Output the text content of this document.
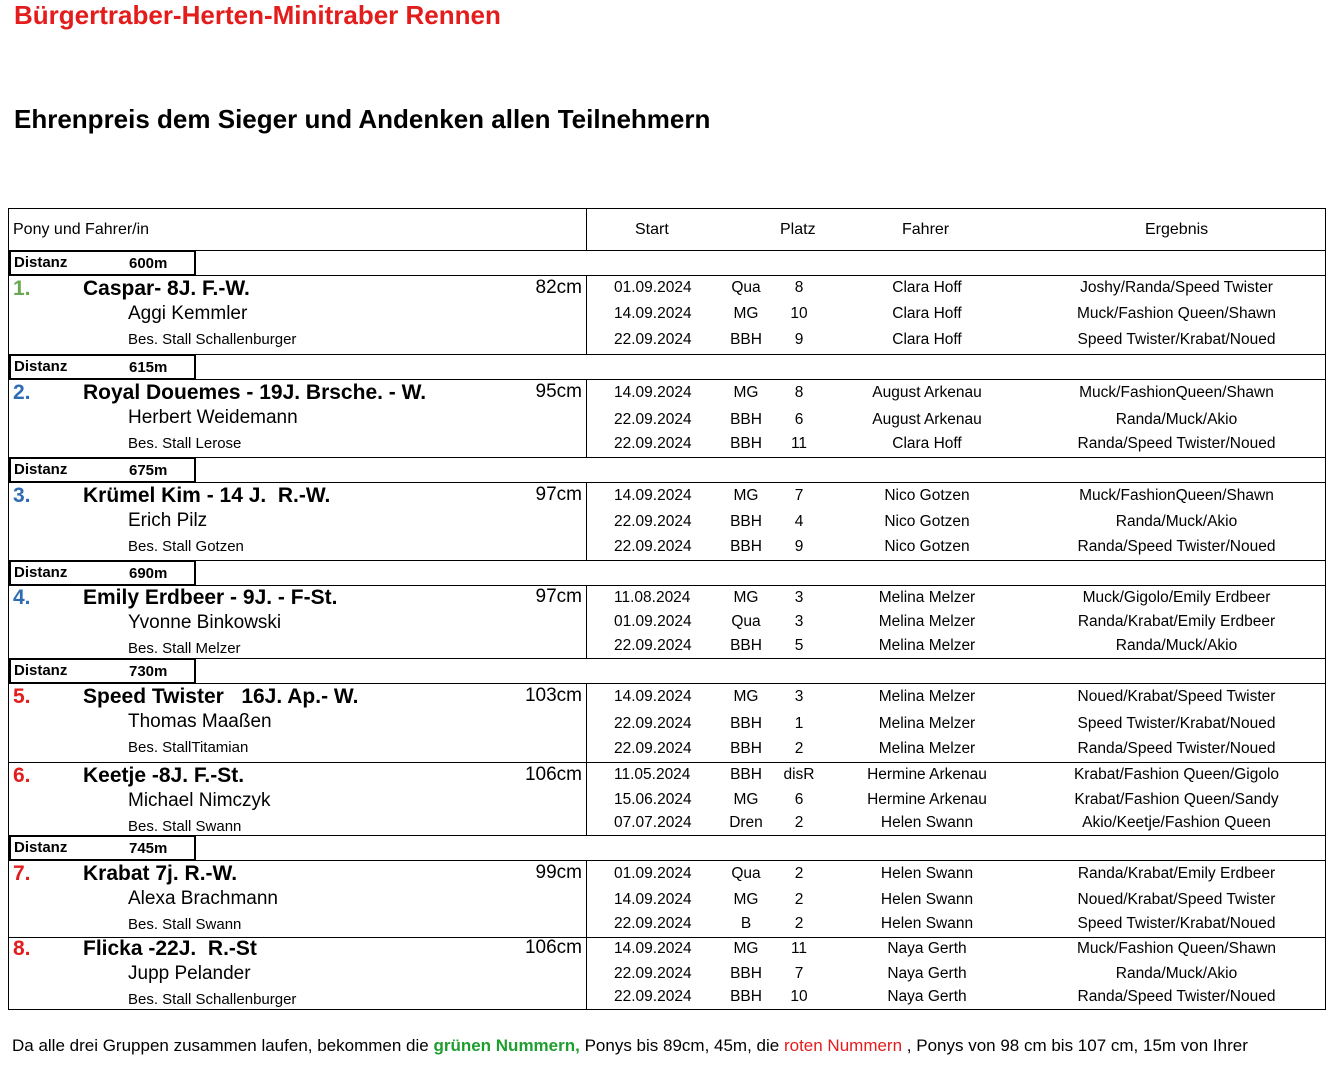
Bürgertraber-Herten-Minitraber Rennen
Ehrenpreis dem Sieger und Andenken allen Teilnehmern
Pony und Fahrer/in	Start	Platz	Fahrer	Ergebnis
Distanz	600m
1. Caspar- 8J. F.-W.	82cm
Aggi Kemmler
Bes. Stall Schallenburger
01.09.2024	Qua	8	Clara Hoff	Joshy/Randa/Speed Twister
14.09.2024	MG	10	Clara Hoff	Muck/Fashion Queen/Shawn
22.09.2024 BBH	9	Clara Hoff	Speed Twister/Krabat/Noued
Distanz	615m
2. Royal Douemes - 19J. Brsche. - W.	95cm
Herbert Weidemann
Bes. Stall Lerose
14.09.2024	MG	8	August Arkenau	Muck/FashionQueen/Shawn
22.09.2024 BBH	6	August Arkenau	Randa/Muck/Akio
22.09.2024 BBH	11	Clara Hoff	Randa/Speed Twister/Noued
Distanz	675m
3. Krümel Kim - 14 J.  R.-W.	97cm
Erich Pilz
Bes. Stall Gotzen
14.09.2024	MG	7	Nico Gotzen	Muck/FashionQueen/Shawn
22.09.2024 BBH	4	Nico Gotzen	Randa/Muck/Akio
22.09.2024 BBH	9	Nico Gotzen	Randa/Speed Twister/Noued
Distanz	690m
4. Emily Erdbeer - 9J. - F-St.	97cm
Yvonne Binkowski
Bes. Stall Melzer
11.08.2024	MG	3	Melina Melzer	Muck/Gigolo/Emily Erdbeer
01.09.2024	Qua	3	Melina Melzer	Randa/Krabat/Emily Erdbeer
22.09.2024 BBH	5	Melina Melzer	Randa/Muck/Akio
Distanz	730m
5. Speed Twister   16J. Ap.- W.	103cm
Thomas Maaßen
Bes. StallTitamian
14.09.2024	MG	3	Melina Melzer	Noued/Krabat/Speed Twister
22.09.2024 BBH	1	Melina Melzer	Speed Twister/Krabat/Noued
22.09.2024 BBH	2	Melina Melzer	Randa/Speed Twister/Noued
6. Keetje -8J. F.-St.	106cm
Michael Nimczyk
Bes. Stall Swann
11.05.2024	BBH disR	Hermine Arkenau	Krabat/Fashion Queen/Gigolo
15.06.2024	MG	6	Hermine Arkenau	Krabat/Fashion Queen/Sandy
07.07.2024 Dren	2	Helen Swann	Akio/Keetje/Fashion Queen
Distanz	745m
7. Krabat 7j. R.-W.	99cm
Alexa Brachmann
Bes. Stall Swann
01.09.2024	Qua	2	Helen Swann	Randa/Krabat/Emily Erdbeer
14.09.2024	MG	2	Helen Swann	Noued/Krabat/Speed Twister
22.09.2024	B	2	Helen Swann	Speed Twister/Krabat/Noued
8. Flicka -22J.  R.-St	106cm
Jupp Pelander
Bes. Stall Schallenburger
14.09.2024	MG	11	Naya Gerth	Muck/Fashion Queen/Shawn
22.09.2024 BBH	7	Naya Gerth	Randa/Muck/Akio
22.09.2024 BBH	10	Naya Gerth	Randa/Speed Twister/Noued
Da alle drei Gruppen zusammen laufen, bekommen die grünen Nummern, Ponys bis 89cm, 45m, die roten Nummern , Ponys von 98 cm bis 107 cm, 15m von Ihrer
